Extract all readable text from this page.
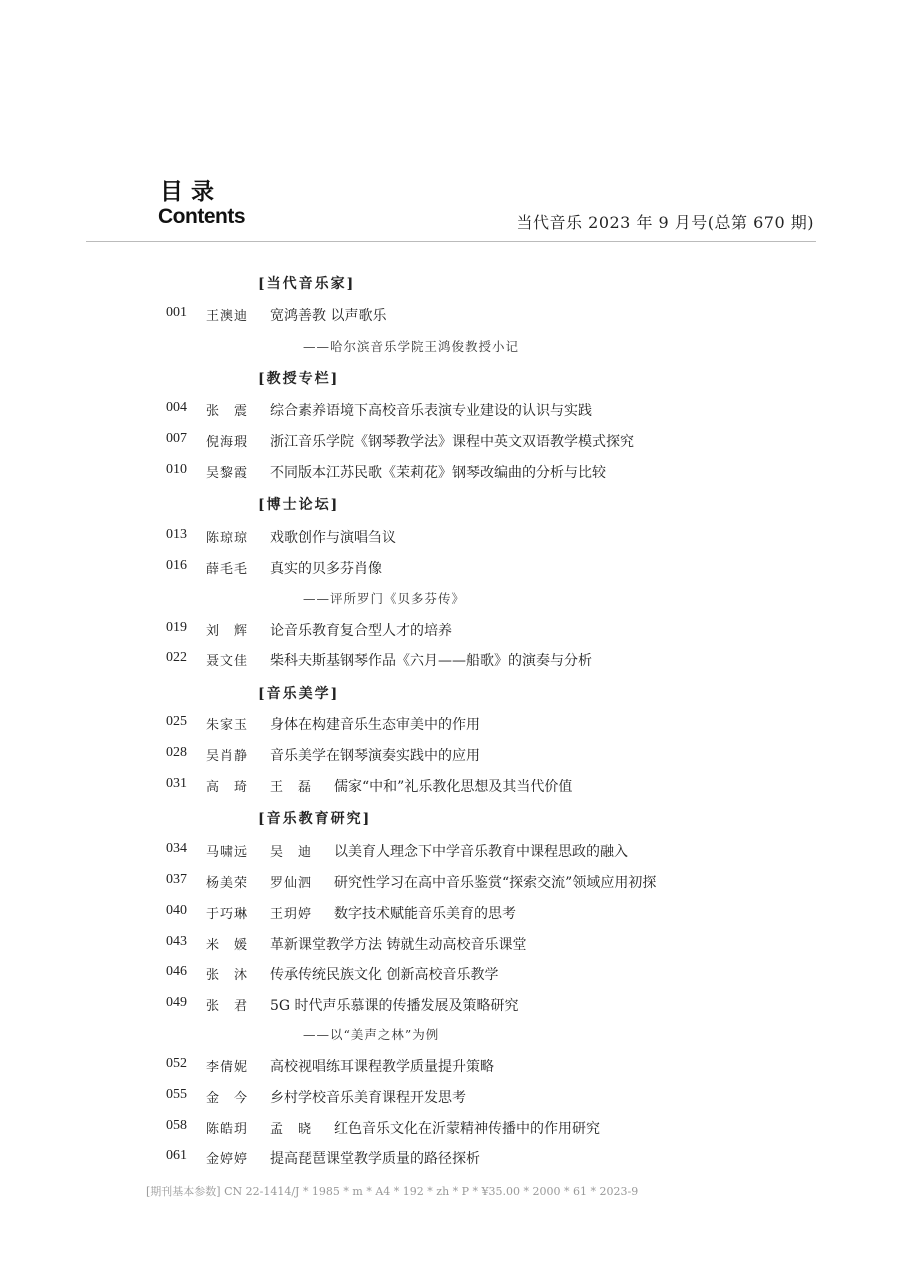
目录
Contents	当代音乐 2023 年 9 月号(总第 670 期)
[当代音乐家]
001 王澳迪 宽鸿善教 以声歌乐
——哈尔滨音乐学院王鸿俊教授小记
[教授专栏]
004 张　震 综合素养语境下高校音乐表演专业建设的认识与实践
007 倪海瑕 浙江音乐学院《钢琴教学法》课程中英文双语教学模式探究
010 吴黎霞 不同版本江苏民歌《茉莉花》钢琴改编曲的分析与比较
[博士论坛]
013 陈琼琼 戏歌创作与演唱刍议
016 薛毛毛 真实的贝多芬肖像
——评所罗门《贝多芬传》
019 刘　辉 论音乐教育复合型人才的培养
022 聂文佳 柴科夫斯基钢琴作品《六月——船歌》的演奏与分析
[音乐美学]
025 朱家玉 身体在构建音乐生态审美中的作用
028 吴肖静 音乐美学在钢琴演奏实践中的应用
031 高　琦 王　磊 儒家“中和”礼乐教化思想及其当代价值
[音乐教育研究]
034 马啸远 吴　迪 以美育人理念下中学音乐教育中课程思政的融入
037 杨美荣 罗仙泗 研究性学习在高中音乐鉴赏“探索交流”领域应用初探
040 于巧琳 王玥婷 数字技术赋能音乐美育的思考
043 米　媛 革新课堂教学方法 铸就生动高校音乐课堂
046 张　沐 传承传统民族文化 创新高校音乐教学
049 张　君 5G 时代声乐慕课的传播发展及策略研究
——以“美声之林”为例
052 李倩妮 高校视唱练耳课程教学质量提升策略
055 金　今 乡村学校音乐美育课程开发思考
058 陈皓玥 孟　晓 红色音乐文化在沂蒙精神传播中的作用研究
061 金婷婷 提高琵琶课堂教学质量的路径探析
[期刊基本参数] CN 22-1414/J * 1985 * m * A4 * 192 * zh * P * ¥35.00 * 2000 * 61 * 2023-9
